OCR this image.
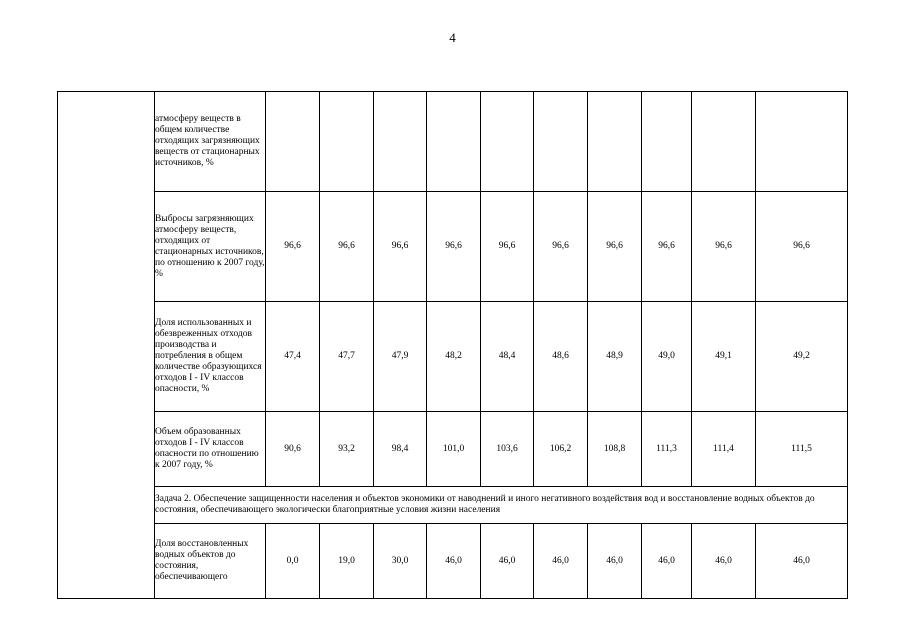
4
	атмосферу веществ в общем количестве отходящих загрязняющих веществ от стационарных источников, %										
	Выбросы загрязняющих атмосферу веществ, отходящих от стационарных источников, по отношению к 2007 году, %	96,6	96,6	96,6	96,6	96,6	96,6	96,6	96,6	96,6	96,6
	Доля использованных и обезвреженных отходов производства и потребления в общем количестве образующихся отходов I - IV классов опасности, %	47,4	47,7	47,9	48,2	48,4	48,6	48,9	49,0	49,1	49,2
	Объем образованных отходов I - IV классов опасности по отношению к 2007 году, %	90,6	93,2	98,4	101,0	103,6	106,2	108,8	111,3	111,4	111,5
	Задача 2. Обеспечение защищенности населения и объектов экономики от наводнений и иного негативного воздействия вод и восстановление водных объектов до состояния, обеспечивающего экологически благоприятные условия жизни населения										
	Доля восстановленных водных объектов до состояния, обеспечивающего	0,0	19,0	30,0	46,0	46,0	46,0	46,0	46,0	46,0	46,0
